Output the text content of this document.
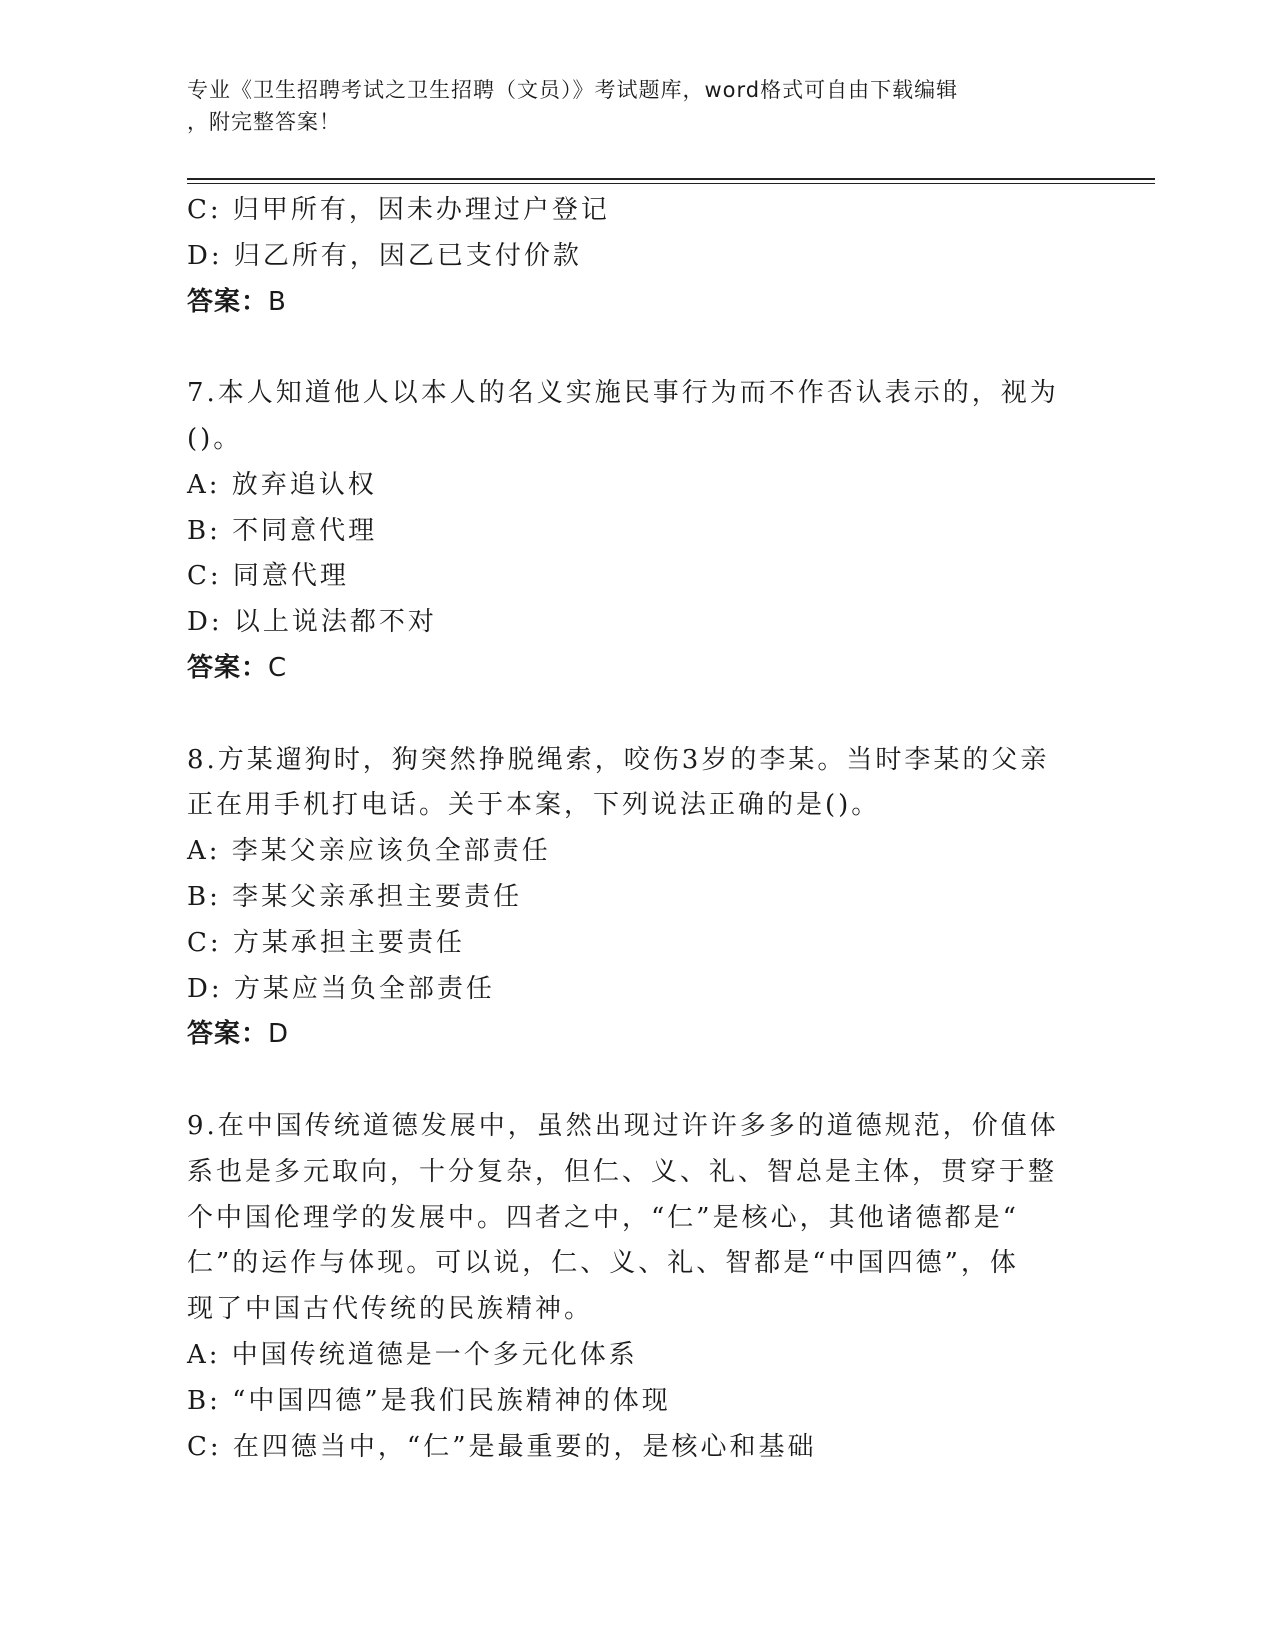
专业《卫生招聘考试之卫生招聘（文员）》考试题库，word格式可自由下载编辑
，附完整答案！
C: 归甲所有，因未办理过户登记
D: 归乙所有，因乙已支付价款
答案：B
7.本人知道他人以本人的名义实施民事行为而不作否认表示的，视为
()。
A: 放弃追认权
B: 不同意代理
C: 同意代理
D: 以上说法都不对
答案：C
8.方某遛狗时，狗突然挣脱绳索，咬伤3岁的李某。当时李某的父亲
正在用手机打电话。关于本案，下列说法正确的是()。
A: 李某父亲应该负全部责任
B: 李某父亲承担主要责任
C: 方某承担主要责任
D: 方某应当负全部责任
答案：D
9.在中国传统道德发展中，虽然出现过许许多多的道德规范，价值体
系也是多元取向，十分复杂，但仁、义、礼、智总是主体，贯穿于整
个中国伦理学的发展中。四者之中，“仁”是核心，其他诸德都是“
仁”的运作与体现。可以说，仁、义、礼、智都是“中国四德”，体
现了中国古代传统的民族精神。
A: 中国传统道德是一个多元化体系
B: “中国四德”是我们民族精神的体现
C: 在四德当中，“仁”是最重要的，是核心和基础
